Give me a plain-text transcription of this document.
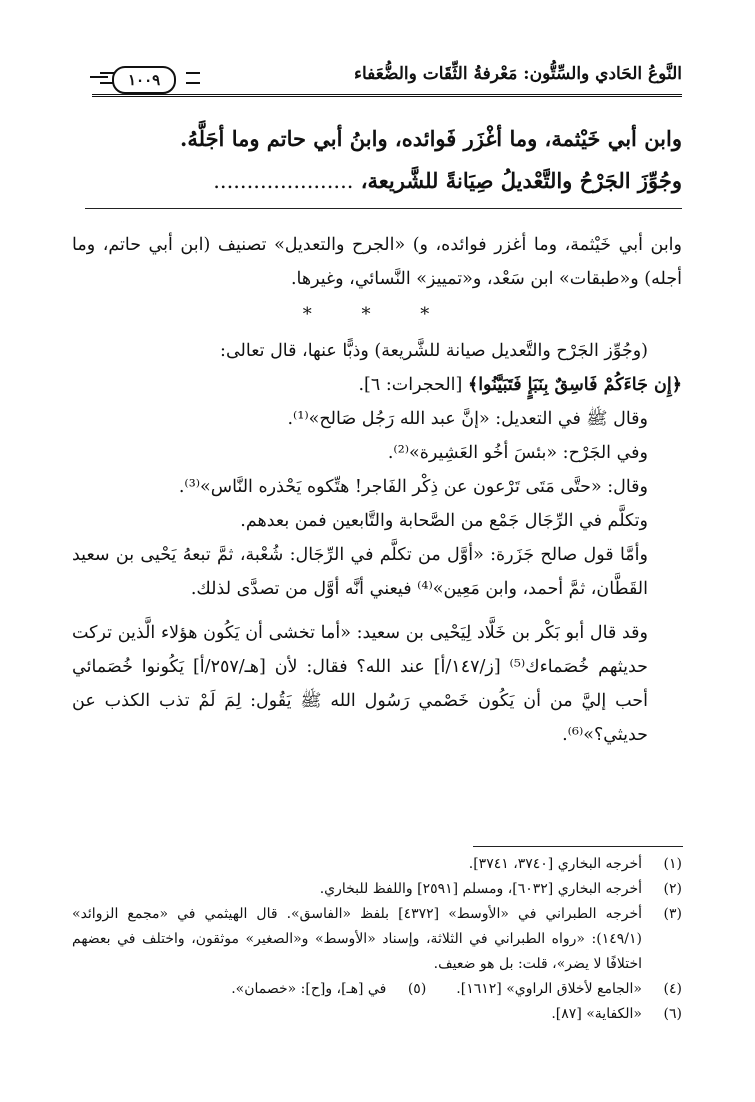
النَّوعُ الحَادي والسِّتُّون: مَعْرفةُ الثِّقَات والضُّعَفاء
١٠٠٩
وابن أبي خَيْثمة، وما أغْزَر فَوائده، وابنُ أبي حاتم وما أجَلَّهُ.
وجُوِّزَ الجَرْحُ والتَّعْديلُ صِيَانةً للشَّريعة، .....................

وابن أبي خَيْثمة، وما أغزر فوائده، و) «الجرح والتعديل» تصنيف (ابن أبي حاتم، وما أجله) و«طبقات» ابن سَعْد، و«تمييز» النَّسائي، وغيرها.

* * *

(وجُوِّز الجَرْح والتَّعديل صيانة للشَّريعة) وذبًّا عنها، قال تعالى:

﴿إِن جَاءَكُمْ فَاسِقٌ بِنَبَإٍ فَتَبَيَّنُوا﴾ [الحجرات: ٦].

وقال ﷺ في التعديل: «إنَّ عبد الله رَجُل صَالح»⁽¹⁾.

وفي الجَرْح: «بئسَ أخُو العَشِيرة»⁽²⁾.

وقال: «حتَّى مَتَى تَرْعون عن ذِكْر الفَاجر! هتِّكوه يَحْذره النَّاس»⁽³⁾.

وتكلَّم في الرِّجَال جَمْع من الصَّحابة والتَّابعين فمن بعدهم.

وأمَّا قول صالح جَزَرة: «أوَّل من تكلَّم في الرِّجَال: شُعْبة، ثمَّ تبعهُ يَحْيى بن سعيد القَطَّان، ثمَّ أحمد، وابن مَعِين»⁽⁴⁾ فيعني أنَّه أوَّل من تصدَّى لذلك.

وقد قال أبو بَكْر بن خَلَّاد لِيَحْيى بن سعيد: «أما تخشى أن يَكُون هؤلاء الَّذين تركت حديثهم خُصَماءك⁽⁵⁾ [ز/١٤٧/أ] عند الله؟ فقال: لأن [هـ/٢٥٧/أ] يَكُونوا خُصَمائي أحب إليَّ من أن يَكُون خَصْمي رَسُول الله ﷺ يَقُول: لِمَ لَمْ تذب الكذب عن حديثي؟»⁽⁶⁾.

(١)
أخرجه البخاري [٣٧٤٠، ٣٧٤١].
(٢)
أخرجه البخاري [٦٠٣٢]، ومسلم [٢٥٩١] واللفظ للبخاري.
(٣)
أخرجه الطبراني في «الأوسط» [٤٣٧٢] بلفظ «الفاسق». قال الهيثمي في «مجمع الزوائد» (١٤٩/١): «رواه الطبراني في الثلاثة، وإسناد «الأوسط» و«الصغير» موثقون، واختلف في بعضهم اختلافًا لا يضر»، قلت: بل هو ضعيف.
(٤)
«الجامع لأخلاق الراوي» [١٦١٢].
(٥)
في [هـ]، و[ح]: «خصمان».
(٦)
«الكفاية» [٨٧].
